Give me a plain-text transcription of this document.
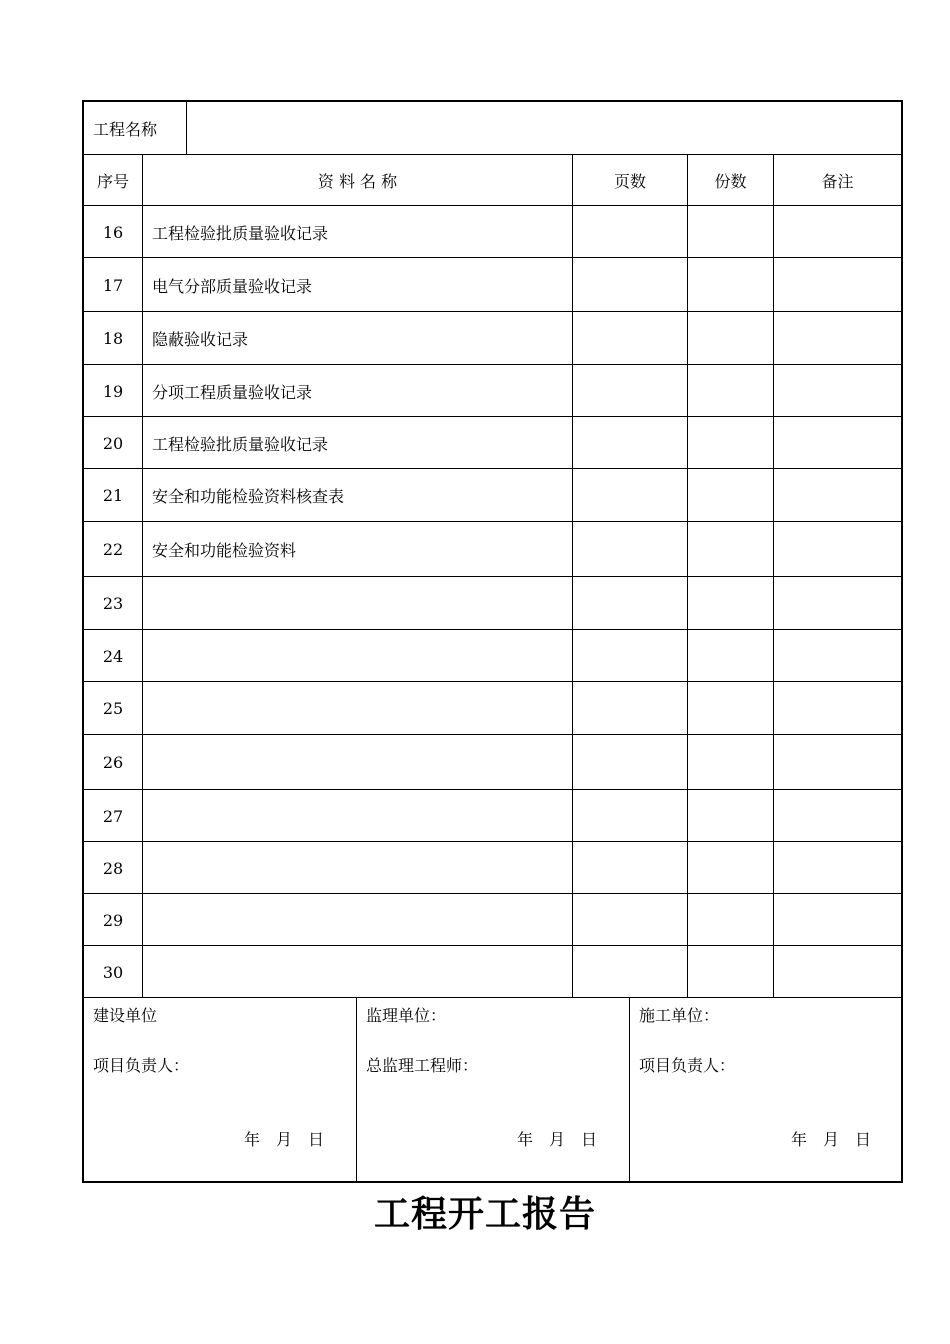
工程名称
序号	资 料 名 称	页数	份数	备注
16	工程检验批质量验收记录
17	电气分部质量验收记录
18	隐蔽验收记录
19	分项工程质量验收记录
20	工程检验批质量验收记录
21	安全和功能检验资料核查表
22	安全和功能检验资料
23
24
25
26
27
28
29
30
建设单位
项目负责人：
年　月　日
监理单位：
总监理工程师：
年　月　日
施工单位：
项目负责人：
年　月　日
工程开工报告
